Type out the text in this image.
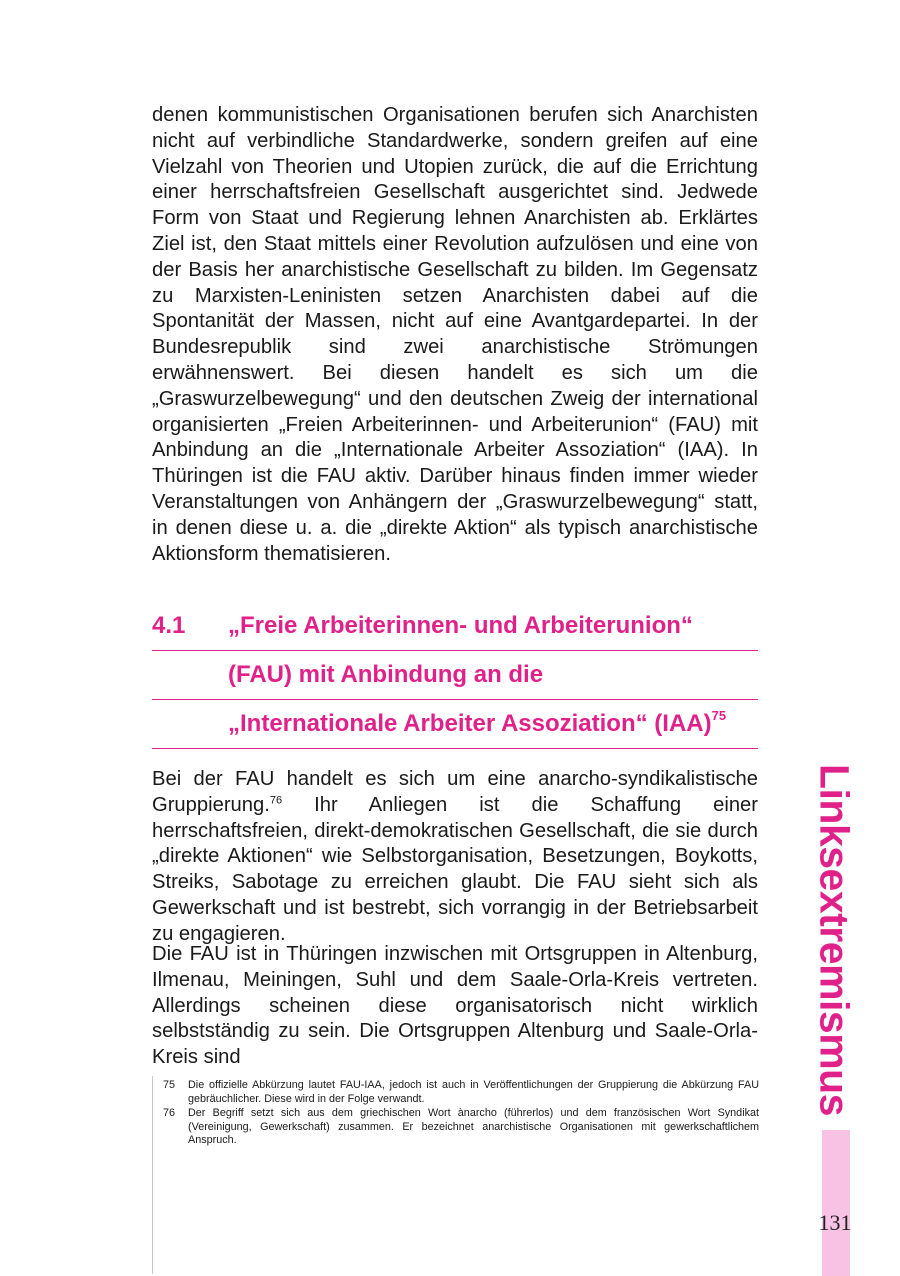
denen kommunistischen Organisationen berufen sich Anarchisten nicht auf verbindliche Standardwerke, sondern greifen auf eine Vielzahl von Theorien und Utopien zurück, die auf die Errichtung einer herrschaftsfreien Gesellschaft ausgerichtet sind. Jedwede Form von Staat und Regierung lehnen Anarchisten ab. Erklärtes Ziel ist, den Staat mittels einer Revolution aufzulösen und eine von der Basis her anarchistische Gesellschaft zu bilden. Im Gegensatz zu Marxisten-Leninisten setzen Anarchisten dabei auf die Spontanität der Massen, nicht auf eine Avantgardepartei. In der Bundesrepublik sind zwei anarchistische Strömungen erwähnenswert. Bei diesen handelt es sich um die „Graswurzelbewegung“ und den deutschen Zweig der international organisierten „Freien Arbeiterinnen- und Arbeiterunion“ (FAU) mit Anbindung an die „Internationale Arbeiter Assoziation“ (IAA). In Thüringen ist die FAU aktiv. Darüber hinaus finden immer wieder Veranstaltungen von Anhängern der „Graswurzelbewegung“ statt, in denen diese u. a. die „direkte Aktion“ als typisch anarchistische Aktionsform thematisieren.

4.1 „Freie Arbeiterinnen- und Arbeiterunion“
(FAU) mit Anbindung an die
„Internationale Arbeiter Assoziation“ (IAA)$^{75}$

Bei der FAU handelt es sich um eine anarcho-syndikalistische Gruppierung.$^{76}$ Ihr Anliegen ist die Schaffung einer herrschaftsfreien, direkt-demokratischen Gesellschaft, die sie durch „direkte Aktionen“ wie Selbstorganisation, Besetzungen, Boykotts, Streiks, Sabotage zu erreichen glaubt. Die FAU sieht sich als Gewerkschaft und ist bestrebt, sich vorrangig in der Betriebsarbeit zu engagieren.

Die FAU ist in Thüringen inzwischen mit Ortsgruppen in Altenburg, Ilmenau, Meiningen, Suhl und dem Saale-Orla-Kreis vertreten. Allerdings scheinen diese organisatorisch nicht wirklich selbstständig zu sein. Die Ortsgruppen Altenburg und Saale-Orla-Kreis sind

75 Die offizielle Abkürzung lautet FAU-IAA, jedoch ist auch in Veröffentlichungen der Gruppierung die Abkürzung FAU gebräuchlicher. Diese wird in der Folge verwandt.
76 Der Begriff setzt sich aus dem griechischen Wort ànarcho (führerlos) und dem französischen Wort Syndikat (Vereinigung, Gewerkschaft) zusammen. Er bezeichnet anarchistische Organisationen mit gewerkschaftlichem Anspruch.
Linksextremismus
131
